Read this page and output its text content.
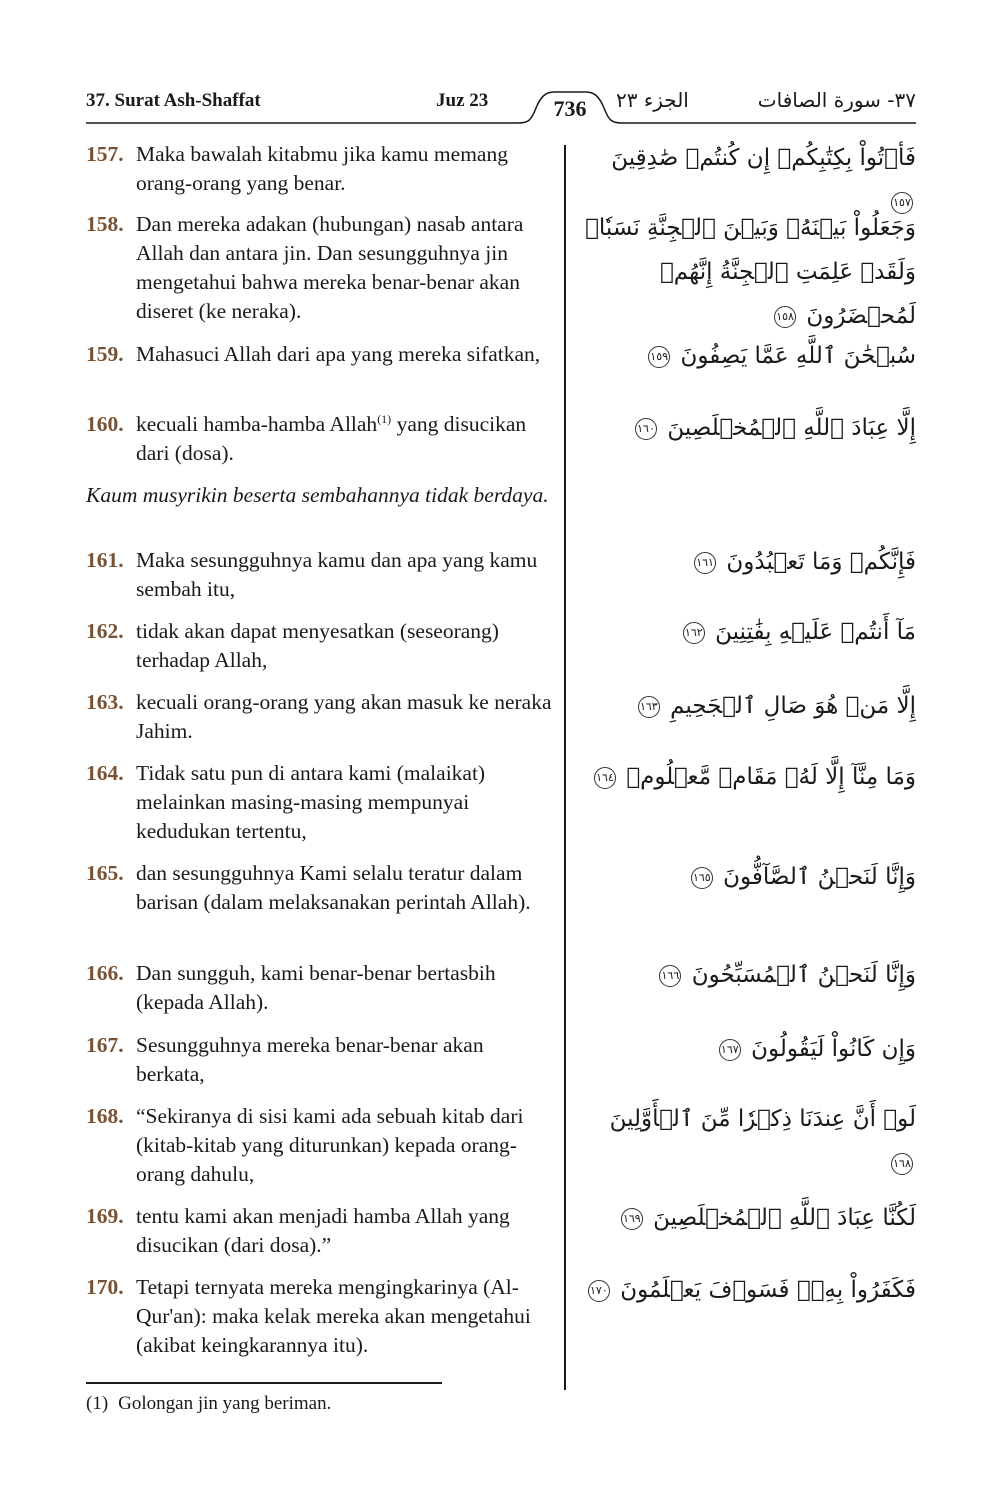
37. Surat Ash-Shaffat	Juz 23	736	الجزء ٢٣	٣٧- سورة الصافات
157. Maka bawalah kitabmu jika kamu memang orang-orang yang benar.
158. Dan mereka adakan (hubungan) nasab antara Allah dan antara jin. Dan sesungguhnya jin mengetahui bahwa mereka benar-benar akan diseret (ke neraka).
159. Mahasuci Allah dari apa yang mereka sifatkan,
160. kecuali hamba-hamba Allah$^{(1)}$ yang disucikan dari (dosa).
Kaum musyrikin beserta sembahannya tidak berdaya.
161. Maka sesungguhnya kamu dan apa yang kamu sembah itu,
162. tidak akan dapat menyesatkan (seseorang) terhadap Allah,
163. kecuali orang-orang yang akan masuk ke neraka Jahim.
164. Tidak satu pun di antara kami (malaikat) melainkan masing-masing mempunyai kedudukan tertentu,
165. dan sesungguhnya Kami selalu teratur dalam barisan (dalam melaksanakan perintah Allah).
166. Dan sungguh, kami benar-benar bertasbih (kepada Allah).
167. Sesungguhnya mereka benar-benar akan berkata,
168. “Sekiranya di sisi kami ada sebuah kitab dari (kitab-kitab yang diturunkan) kepada orang-orang dahulu,
169. tentu kami akan menjadi hamba Allah yang disucikan (dari dosa).”
170. Tetapi ternyata mereka mengingkarinya (Al-Qur'an): maka kelak mereka akan mengetahui (akibat keingkarannya itu).
فَأۡتُواْ بِكِتَٰبِكُمۡ إِن كُنتُمۡ صَٰدِقِينَ ١٥٧
وَجَعَلُواْ بَيۡنَهُۥ وَبَيۡنَ ٱلۡجِنَّةِ نَسَبٗاۚ وَلَقَدۡ عَلِمَتِ ٱلۡجِنَّةُ إِنَّهُمۡ لَمُحۡضَرُونَ ١٥٨
سُبۡحَٰنَ ٱللَّهِ عَمَّا يَصِفُونَ ١٥٩
إِلَّا عِبَادَ ٱللَّهِ ٱلۡمُخۡلَصِينَ ١٦٠
فَإِنَّكُمۡ وَمَا تَعۡبُدُونَ ١٦١
مَآ أَنتُمۡ عَلَيۡهِ بِفَٰتِنِينَ ١٦٢
إِلَّا مَنۡ هُوَ صَالِ ٱلۡجَحِيمِ ١٦٣
وَمَا مِنَّآ إِلَّا لَهُۥ مَقَامٞ مَّعۡلُومٞ ١٦٤
وَإِنَّا لَنَحۡنُ ٱلصَّآفُّونَ ١٦٥
وَإِنَّا لَنَحۡنُ ٱلۡمُسَبِّحُونَ ١٦٦
وَإِن كَانُواْ لَيَقُولُونَ ١٦٧
لَوۡ أَنَّ عِندَنَا ذِكۡرٗا مِّنَ ٱلۡأَوَّلِينَ ١٦٨
لَكُنَّا عِبَادَ ٱللَّهِ ٱلۡمُخۡلَصِينَ ١٦٩
فَكَفَرُواْ بِهِۦۖ فَسَوۡفَ يَعۡلَمُونَ ١٧٠
(1) Golongan jin yang beriman.
